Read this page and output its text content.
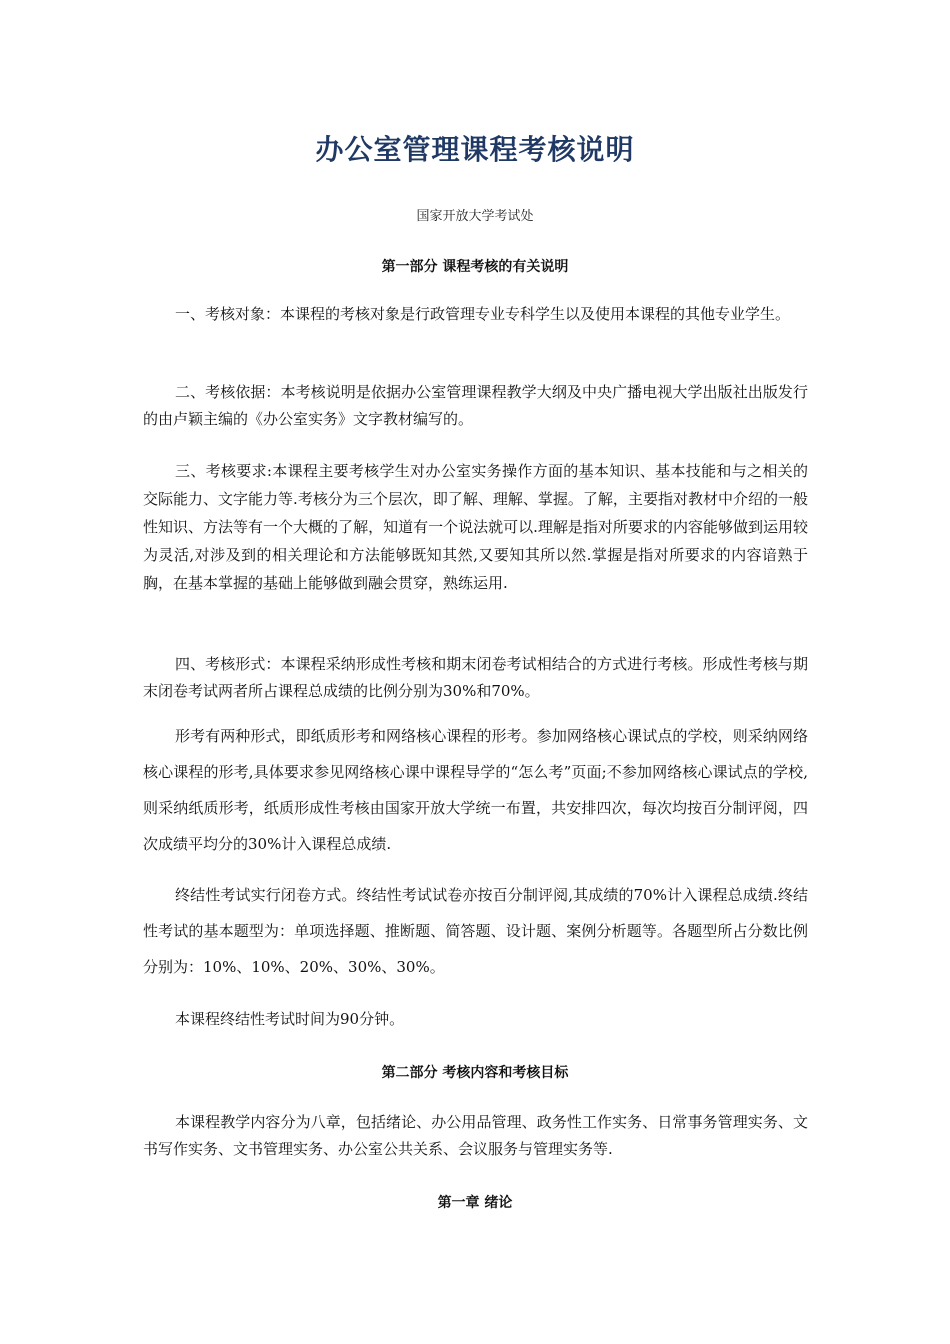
办公室管理课程考核说明
国家开放大学考试处
第一部分 课程考核的有关说明

一、考核对象：本课程的考核对象是行政管理专业专科学生以及使用本课程的其他专业学生。

二、考核依据：本考核说明是依据办公室管理课程教学大纲及中央广播电视大学出版社出版发行的由卢颖主编的《办公室实务》文字教材编写的。

三、考核要求:本课程主要考核学生对办公室实务操作方面的基本知识、基本技能和与之相关的交际能力、文字能力等.考核分为三个层次，即了解、理解、掌握。了解，主要指对教材中介绍的一般性知识、方法等有一个大概的了解，知道有一个说法就可以.理解是指对所要求的内容能够做到运用较为灵活,对涉及到的相关理论和方法能够既知其然,又要知其所以然.掌握是指对所要求的内容谙熟于胸，在基本掌握的基础上能够做到融会贯穿，熟练运用.

四、考核形式：本课程采纳形成性考核和期末闭卷考试相结合的方式进行考核。形成性考核与期末闭卷考试两者所占课程总成绩的比例分别为30%和70%。

形考有两种形式，即纸质形考和网络核心课程的形考。参加网络核心课试点的学校，则采纳网络核心课程的形考,具体要求参见网络核心课中课程导学的“怎么考”页面;不参加网络核心课试点的学校,则采纳纸质形考，纸质形成性考核由国家开放大学统一布置，共安排四次，每次均按百分制评阅，四次成绩平均分的30%计入课程总成绩.

终结性考试实行闭卷方式。终结性考试试卷亦按百分制评阅,其成绩的70%计入课程总成绩.终结性考试的基本题型为：单项选择题、推断题、简答题、设计题、案例分析题等。各题型所占分数比例分别为：10%、10%、20%、30%、30%。

本课程终结性考试时间为90分钟。

第二部分 考核内容和考核目标

本课程教学内容分为八章，包括绪论、办公用品管理、政务性工作实务、日常事务管理实务、文书写作实务、文书管理实务、办公室公共关系、会议服务与管理实务等.

第一章 绪论
